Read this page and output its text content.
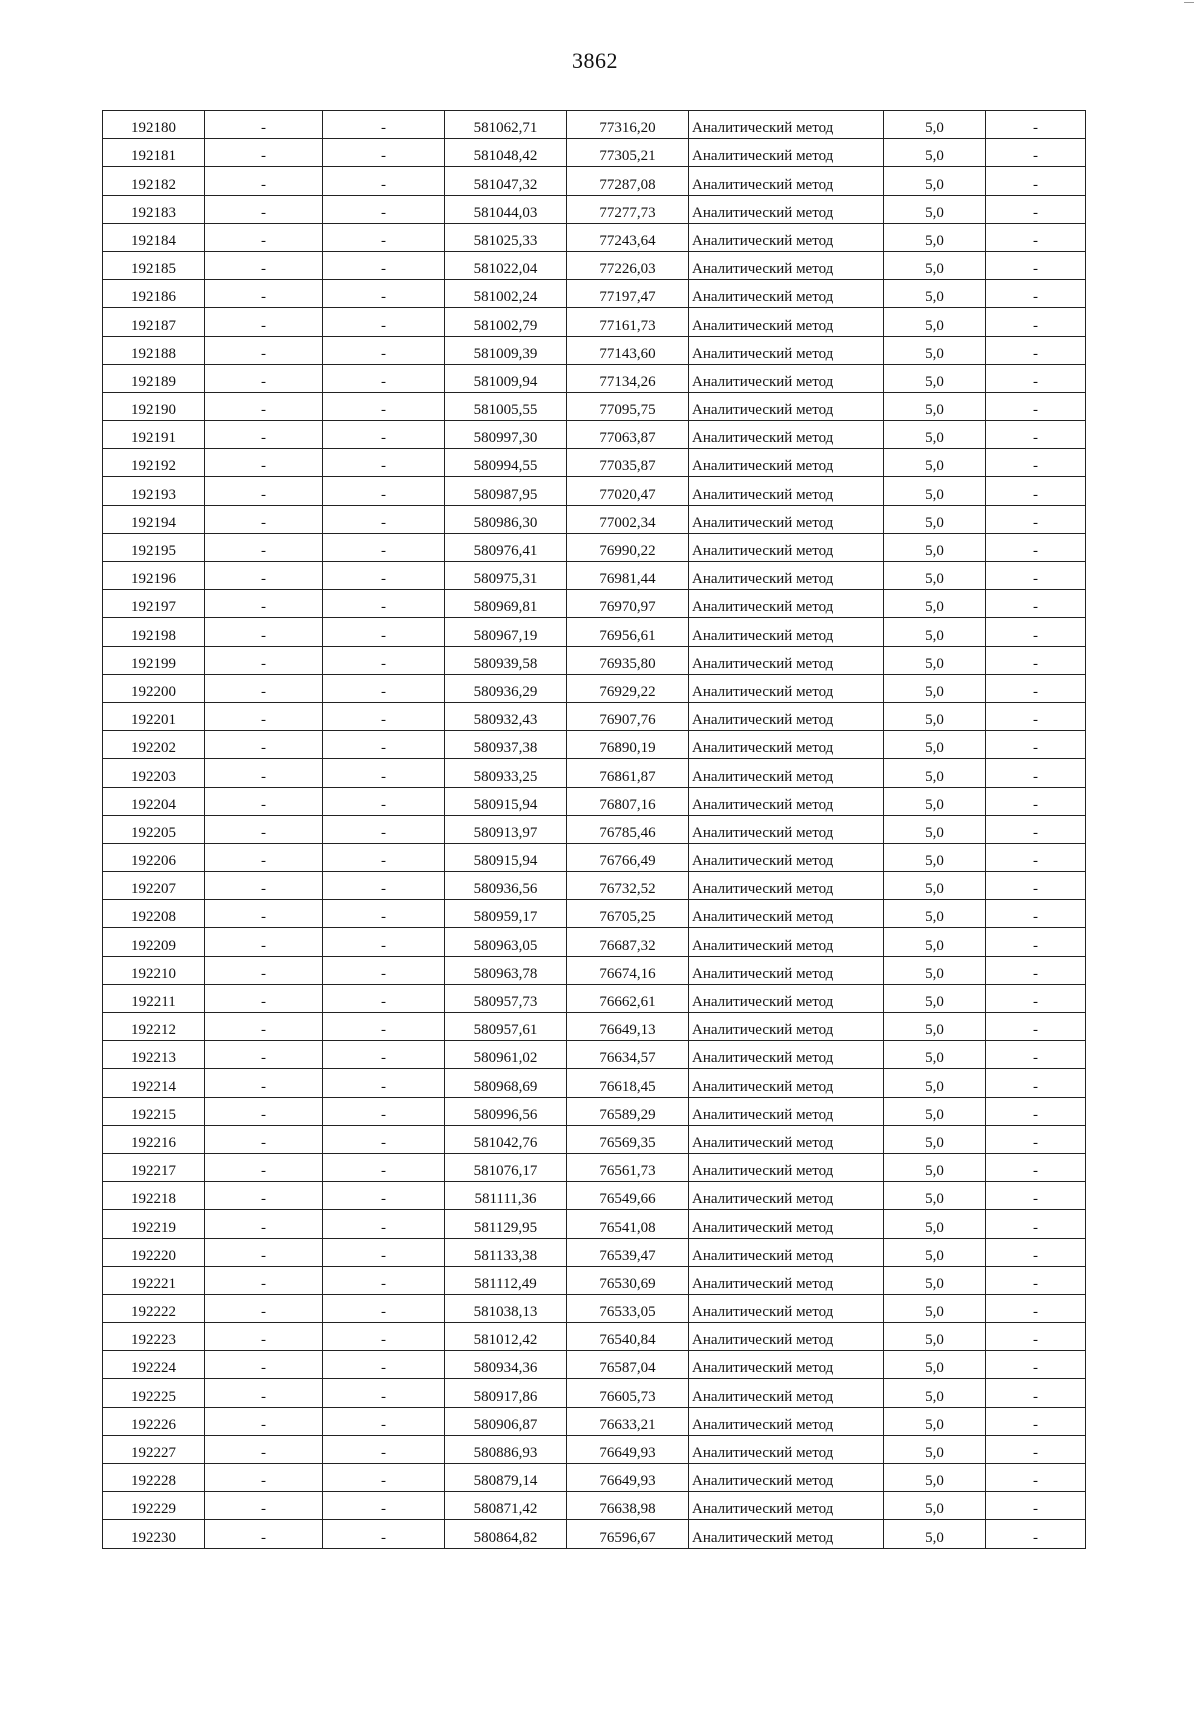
3862
192180	-	-	581062,71	77316,20	Аналитический метод	5,0	-
192181	-	-	581048,42	77305,21	Аналитический метод	5,0	-
192182	-	-	581047,32	77287,08	Аналитический метод	5,0	-
192183	-	-	581044,03	77277,73	Аналитический метод	5,0	-
192184	-	-	581025,33	77243,64	Аналитический метод	5,0	-
192185	-	-	581022,04	77226,03	Аналитический метод	5,0	-
192186	-	-	581002,24	77197,47	Аналитический метод	5,0	-
192187	-	-	581002,79	77161,73	Аналитический метод	5,0	-
192188	-	-	581009,39	77143,60	Аналитический метод	5,0	-
192189	-	-	581009,94	77134,26	Аналитический метод	5,0	-
192190	-	-	581005,55	77095,75	Аналитический метод	5,0	-
192191	-	-	580997,30	77063,87	Аналитический метод	5,0	-
192192	-	-	580994,55	77035,87	Аналитический метод	5,0	-
192193	-	-	580987,95	77020,47	Аналитический метод	5,0	-
192194	-	-	580986,30	77002,34	Аналитический метод	5,0	-
192195	-	-	580976,41	76990,22	Аналитический метод	5,0	-
192196	-	-	580975,31	76981,44	Аналитический метод	5,0	-
192197	-	-	580969,81	76970,97	Аналитический метод	5,0	-
192198	-	-	580967,19	76956,61	Аналитический метод	5,0	-
192199	-	-	580939,58	76935,80	Аналитический метод	5,0	-
192200	-	-	580936,29	76929,22	Аналитический метод	5,0	-
192201	-	-	580932,43	76907,76	Аналитический метод	5,0	-
192202	-	-	580937,38	76890,19	Аналитический метод	5,0	-
192203	-	-	580933,25	76861,87	Аналитический метод	5,0	-
192204	-	-	580915,94	76807,16	Аналитический метод	5,0	-
192205	-	-	580913,97	76785,46	Аналитический метод	5,0	-
192206	-	-	580915,94	76766,49	Аналитический метод	5,0	-
192207	-	-	580936,56	76732,52	Аналитический метод	5,0	-
192208	-	-	580959,17	76705,25	Аналитический метод	5,0	-
192209	-	-	580963,05	76687,32	Аналитический метод	5,0	-
192210	-	-	580963,78	76674,16	Аналитический метод	5,0	-
192211	-	-	580957,73	76662,61	Аналитический метод	5,0	-
192212	-	-	580957,61	76649,13	Аналитический метод	5,0	-
192213	-	-	580961,02	76634,57	Аналитический метод	5,0	-
192214	-	-	580968,69	76618,45	Аналитический метод	5,0	-
192215	-	-	580996,56	76589,29	Аналитический метод	5,0	-
192216	-	-	581042,76	76569,35	Аналитический метод	5,0	-
192217	-	-	581076,17	76561,73	Аналитический метод	5,0	-
192218	-	-	581111,36	76549,66	Аналитический метод	5,0	-
192219	-	-	581129,95	76541,08	Аналитический метод	5,0	-
192220	-	-	581133,38	76539,47	Аналитический метод	5,0	-
192221	-	-	581112,49	76530,69	Аналитический метод	5,0	-
192222	-	-	581038,13	76533,05	Аналитический метод	5,0	-
192223	-	-	581012,42	76540,84	Аналитический метод	5,0	-
192224	-	-	580934,36	76587,04	Аналитический метод	5,0	-
192225	-	-	580917,86	76605,73	Аналитический метод	5,0	-
192226	-	-	580906,87	76633,21	Аналитический метод	5,0	-
192227	-	-	580886,93	76649,93	Аналитический метод	5,0	-
192228	-	-	580879,14	76649,93	Аналитический метод	5,0	-
192229	-	-	580871,42	76638,98	Аналитический метод	5,0	-
192230	-	-	580864,82	76596,67	Аналитический метод	5,0	-
